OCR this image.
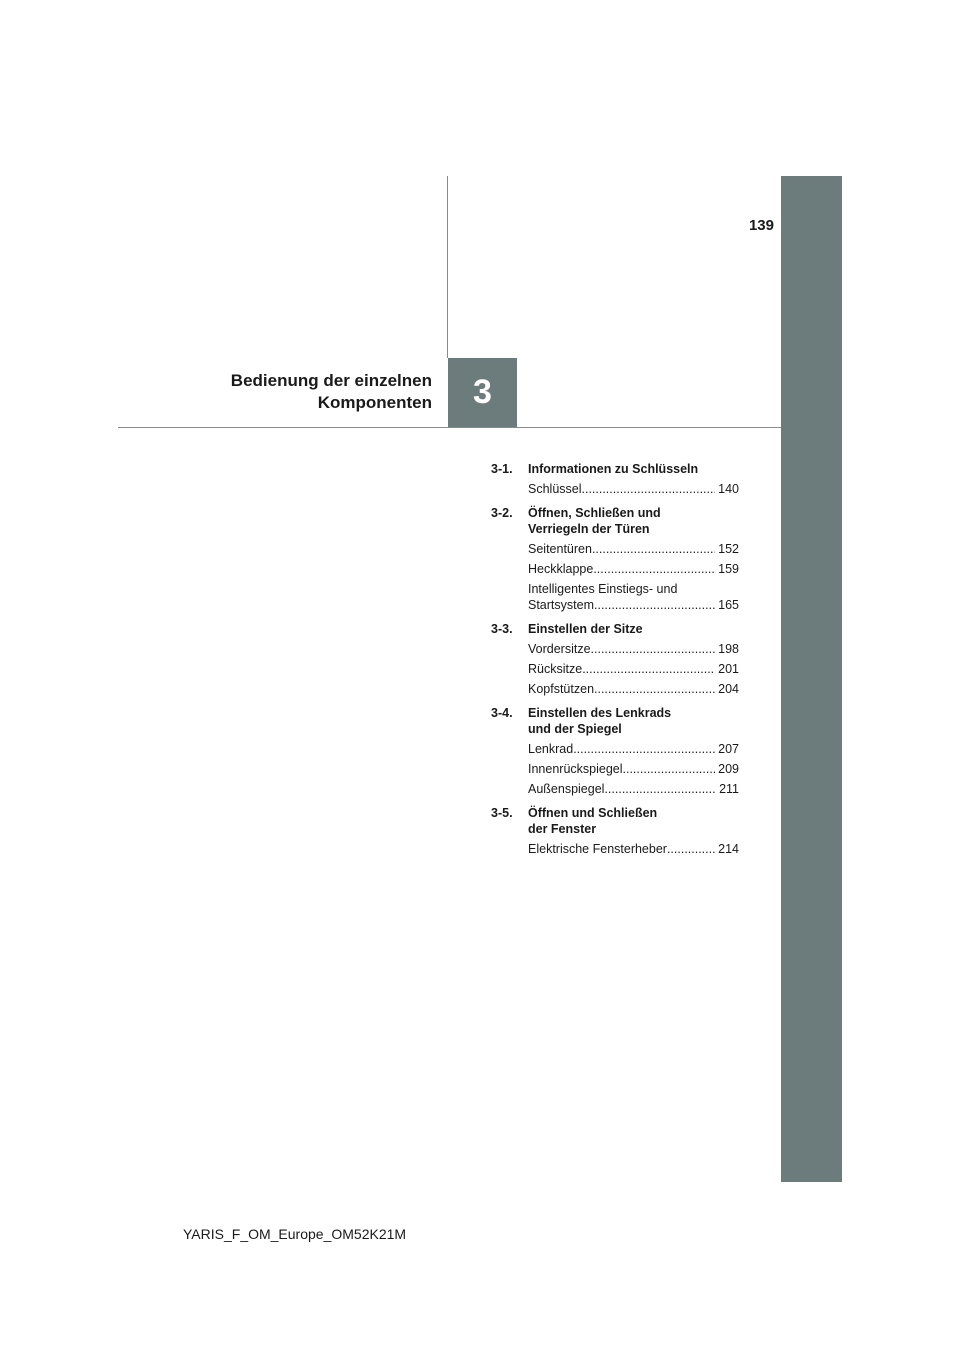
139
3
Bedienung der einzelnen
Komponenten
3-1.	Informationen zu Schlüsseln
Schlüssel .....	140
3-2.	Öffnen, Schließen und
Verriegeln der Türen
Seitentüren .....	152
Heckklappe .....	159
Intelligentes Einstiegs- und
Startsystem .....	165
3-3.	Einstellen der Sitze
Vordersitze .....	198
Rücksitze .....	201
Kopfstützen .....	204
3-4.	Einstellen des Lenkrads
und der Spiegel
Lenkrad .....	207
Innenrückspiegel .....	209
Außenspiegel .....	211
3-5.	Öffnen und Schließen
der Fenster
Elektrische Fensterheber .....	214
YARIS_F_OM_Europe_OM52K21M
